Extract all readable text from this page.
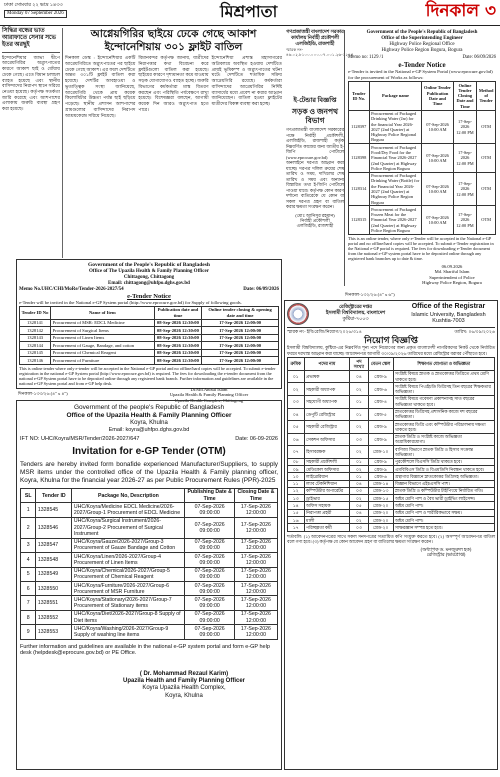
ঢাকা সোমবার ২২ ভাদ্র ১৪৩৩
Monday 07 September 2026	মিশ্রপাতা	দিনকাল ৩
সিদ্ধির বন্ধের ভাত আরাফাতে সেনার সভে ইতর অরছুই
ইন্দোনেশিয়ার জাভা দ্বীপে আগ্নেয়গিরির অগ্ন্যুৎপাতের কারণে আকাশ ছাই ও ধোঁয়ায় ঢেকে গেছে। এতে বিমান চলাচল ব্যাহত হয়েছে এবং স্থানীয় বাসিন্দাদের নিরাপদ স্থানে সরিয়ে নেওয়া হয়েছে। কর্তৃপক্ষ সতর্কতা জারি করেছে এবং আশপাশের এলাকায় জরুরি ব্যবস্থা গ্রহণ করা হয়েছে।
আগ্নেয়গিরির ছাইয়ে ঢেকে গেছে আকাশ ইন্দোনেশিয়ায় ৩০১ ফ্লাইট বাতিল
দিনকাল ডেস্ক : ইন্দোনেশিয়ার একটি আগ্নেয়গিরিতে অগ্ন্যুৎপাতের পর ছাইয়ে ঢেকে গেছে আকাশ। এর ফলে দেশটিতে অন্তত ৩০১টি ফ্লাইট বাতিল করা হয়েছে। দেশটির আবহাওয়া ও ভূতাত্ত্বিক সংস্থা জানিয়েছে, আগ্নেয়গিরি থেকে প্রায় কয়েক কিলোমিটার উচ্চতা পর্যন্ত ছাই ছড়িয়ে পড়েছে। স্থানীয় প্রশাসন আশপাশের গ্রামগুলোর বাসিন্দাদের নিরাপদ আশ্রয়কেন্দ্রে সরিয়ে নিয়েছে।
বিমানবন্দর কর্তৃপক্ষ জানায়, যাত্রীদের নিরাপত্তার কথা বিবেচনা করে ফ্লাইটগুলো বাতিল করা হয়েছে। ছাইয়ের কারণে দৃশ্যমানতা কমে যাওয়ায় সড়ক যোগাযোগও ব্যাহত হচ্ছে। জরুরি বিভাগের কর্মকর্তারা মাস্ক বিতরণ করছেন এবং পরিস্থিতি পর্যবেক্ষণে রাখা হয়েছে। বিশেষজ্ঞরা বলছেন, আগামী কয়েক দিন আরও অগ্ন্যুৎপাত হতে পারে।
ইন্দোনেশিয়া প্রশান্ত মহাসাগরের অগ্নিবলয়ে অবস্থিত হওয়ায় দেশটিতে প্রায়ই ভূমিকম্প ও অগ্ন্যুৎপাতের ঘটনা ঘটে। দেশটিতে শতাধিক সক্রিয় আগ্নেয়গিরি রয়েছে। কর্মকর্তারা বাসিন্দাদের আগ্নেয়গিরির নির্দিষ্ট ব্যাসার্ধের মধ্যে প্রবেশ না করার আহ্বান জানিয়েছেন। বাতিল হওয়া ফ্লাইটের যাত্রীদের বিকল্প ব্যবস্থা করা হচ্ছে।
Government of the People's Republic of Bangladesh
Office of The Upazila Health & Family Planning Officer
Chittagong, Chittagong
Email: chittagong@uhfpo.dghs.gov.bd
Memo No.UHC/CHI/MoRe/Tender-2026-2027/54	Date: 06/09/2026
e-Tender Notice
e-Tender will be invited in the National e-GP System portal (http://www.eprocure.gov.bd) for Supply of following goods.
Tender ID No	Name of Item	Publication date and time	Online tender closing & opening date and time
1328141	Procurement of MSR: EDCL Medicine	08-Sep-2026 12:30:00	17-Sep-2026 12:00:00
1328142	Procurement of Surgical Items	08-Sep-2026 12:30:00	17-Sep-2026 12:00:00
1328143	Procurement of Linen Items	08-Sep-2026 12:30:00	17-Sep-2026 12:00:00
1328144	Procurement of Gauge, Bandage, and cotton	08-Sep-2026 12:30:00	17-Sep-2026 12:00:00
1328145	Procurement of Chemical Reagent	08-Sep-2026 12:30:00	17-Sep-2026 12:00:00
1328146	Procurement of Furniture	08-Sep-2026 12:30:00	17-Sep-2026 12:00:00
This is online tender where only e-tender will be accepted in the National e-GP portal and no offline/hard copies will be accepted. To submit e-tender registration in the national e-GP System portal (http://www.eprocure.gov.bd) is required. The fees for downloading the e-tender document from the national e-GP System portal have to be deposited online through any registered bank branch. Further information and guidelines are available in the national e-GP System portal and from e-GP help desk.
Dr.Md.Anisul Islam
Upazila Health & Family Planning Officer
Upazila Health Complex, Chittagong
দিনকাল-১৩৩/২৬ (৪" x ৪")
Government of the people's Republic of Bangladesh
Office of the Upazila Health & Family Planning Officer
Koyra, Khulna
Email: koyra@uhfpo.dghs.gov.bd
IFT NO: UHC/Koyra/MSR/Tender/2026-2027/647	Date: 06-09-2026
Invitation for e-GP Tender (OTM)
Tenders are hereby invited form bonafide experienced Manufacturer/Suppliers, to supply MSR items under the controlled office of the Upazila Health & Family planning officer, Koyra, Khulna for the financial year 2026-27 as per Public Procurement Rules (PPR)-2025
SL	Tender ID	Package No, Description	Publishing Date & Time	Closing Date & Time
1	1328545	UHC/Koyra/Medicine EDCL Medicine/2026-2027/Group-1 Procurement of EDCL Medicine	07-Sep-2026 09:00:00	17-Sep-2026 12:00:00
2	1328546	UHC/Koyra/Surgical Instrument/2026-2027/Group-2 Procurement of Surgical Instrument	07-Sep-2026 09:00:00	17-Sep-2026 12:00:00
3	1328547	UHC/Koyra/Gauze/2026-2027/Group-3 Procurement of Gauze Bandage and Cotton	07-Sep-2026 09:00:00	17-Sep-2026 12:00:00
4	1328548	UHC/Koyra/Linen/2026-2027/Group-4 Procurement of Linen Items	07-Sep-2026 09:00:00	17-Sep-2026 12:00:00
5	1328549	UHC/Koyra/Chemical/2026-2027/Group-5 Procurement of Chemical Reagent	07-Sep-2026 09:00:00	17-Sep-2026 12:00:00
6	1328550	UHC/Koyra/Furniture/2026-2027/Group-6 Procurement of MSR Furniture	07-Sep-2026 09:00:00	17-Sep-2026 12:00:00
7	1328551	UHC/Koyra/Stationary/2026-2027/Group-7 Procurement of Stationary items	07-Sep-2026 09:00:00	17-Sep-2026 12:00:00
8	1328552	UHC/Koyra/Diet/2026-2027/Group-8 Supply of Diet items	07-Sep-2026 09:00:00	17-Sep-2026 12:00:00
9	1328553	UHC/Koyra/Washing/2026-2027/Group-9 Supply of washing line items	07-Sep-2026 09:00:00	17-Sep-2026 12:00:00
Further information and guidelines are available in the national e-GP system portal and form e-GP help desk (helpdesk@eprocure.gov.bd) or PE Office.
( Dr. Mohammad Rezaul Karim)
Upazila Health and Family Planning Officer
Koyra Upazila Health Complex,
Koyra, Khulna
গণপ্রজাতন্ত্রী বাংলাদেশ সরকার
কার্যালয় নির্বাহী প্রকৌশলী
এলজিইডি, রাজশাহী
স্মারক নং- ৪৬.০২.৮১০০.০০০.০৭.০০১.২৬-১২৪৫
ই-টেন্ডার বিজ্ঞপ্তি
সড়ক ও জনপথ বিভাগ
গণপ্রজাতন্ত্রী বাংলাদেশ সরকারের পক্ষে নির্বাহী প্রকৌশলী, এলজিইডি, রাজশাহী কর্তৃক নিম্নবর্ণিত কাজের জন্য জাতীয় ই-জিপি পোর্টালে (www.eprocure.gov.bd) অনলাইনে দরপত্র আহ্বান করা যাচ্ছে। দরপত্র দলিল ক্রয়ের শেষ তারিখ ও সময়, দাখিলের শেষ তারিখ ও সময় এবং অন্যান্য বিস্তারিত তথ্য ই-জিপি পোর্টালে পাওয়া যাবে। কর্তৃপক্ষ কোন কারণ দর্শানো ব্যতিরেকে যে কোন বা সকল দরপত্র গ্রহণ বা বাতিল করার ক্ষমতা সংরক্ষণ করেন।
(মোঃ আনিসুর রহমান)
নির্বাহী প্রকৌশলী
এলজিইডি, রাজশাহী
Government of the People's Republic of Bangladesh
Office of the Superintending Engineer
Highway Police Regional Office
Highway Police Region Bogura, Bogura
Memo no: 1129 /1	Date: 06/09/2026
e-Tender Notice
e-Tender is invited in the National e-GP System Portal (www.eprocure.gov.bd) for the procurement of Works as follows:
Tender ID No.	Package name	Online Tender Publication Date and Time	Online Tender Closing Date and Time	Method of Tender
1128397	Procurement of Packaged Drinking Water (Jar) for the financial Year 2026-2027 (2nd Quarter) at Highway Police Regional Bogura	07-Sep-2026 10:00 AM	17-Sep-2026 12:00 PM	OTM
1128398	Procurement of Packaged Food/Dry Food for the Financial Year 2026-2027 (2nd Quarter) at Highway Police Region Bogura	07-Sep-2026 10:00 AM	17-Sep-2026 12:00 PM	OTM
1128314	Procurement of Packaged Drinking Water (Bottle) for the Financial Year 2026-2027 (2nd Quarter) at Highway Police Region Bogura	07-Sep-2026 10:00 AM	17-Sep-2026 12:00 PM	OTM
1128315	Procurement of Packaged Frozen Meat for the Financial Year 2026-2027 (2nd Quarter) at Highway Police Region Bogura	07-Sep-2026 10:00 AM	17-Sep-2026 12:00 PM	OTM
This is an online tender, where only e-Tender will be accepted in the National e-GP portal and no offline/hard copies will be accepted. To submit e-Tender registration in the National e-GP portal is required. The fees for downloading e-Tender document from the national e-GP system portal have to be deposited online through any registered bank branches up to date & time.
06.09.2026
Md. Shariful Islam
Superintendent of Police
Highway Police Region, Bogura
দিনকাল-১৩২/২৬ (৪" x ৬")
রেজিস্ট্রারের দপ্তর
ইসলামী বিশ্ববিদ্যালয়, বাংলাদেশ
কুষ্টিয়া-৭০০৩
Office of the Registrar
Islamic University, Bangladesh
Kushtia-7003
স্মারক নং- ইবি/রেজি/নিয়োগ/২০২৬/৩১৪	তারিখ: ০৬/০৯/২০২৬
নিয়োগ বিজ্ঞপ্তি
ইসলামী বিশ্ববিদ্যালয়, কুষ্টিয়া-এর নিম্নবর্ণিত শূন্য পদে নিয়োগের জন্য প্রকৃত বাংলাদেশী নাগরিকদের নিকট থেকে নির্ধারিত ফরমে দরখাস্ত আহ্বান করা যাচ্ছে। আবেদনপত্র আগামী ৩০/০৯/২০২৬ তারিখের মধ্যে রেজিস্ট্রার বরাবর পৌঁছাতে হবে।
ক্রমিক	পদের নাম	পদ সংখ্যা	বেতন স্কেল	শিক্ষাগত যোগ্যতা ও অভিজ্ঞতা
০১	প্রভাষক	০৪	গ্রেড-৯	সংশ্লিষ্ট বিষয়ে স্নাতক ও স্নাতকোত্তর ডিগ্রিতে প্রথম শ্রেণি থাকতে হবে।
০২	সহকারী অধ্যাপক	০২	গ্রেড-৬	সংশ্লিষ্ট বিষয়ে পিএইচডি ডিগ্রিসহ তিন বছরের শিক্ষকতার অভিজ্ঞতা।
০৩	সহযোগী অধ্যাপক	০১	গ্রেড-৪	সংশ্লিষ্ট বিষয়ে গবেষণা প্রকাশনাসহ সাত বছরের অভিজ্ঞতা থাকতে হবে।
০৪	ডেপুটি রেজিস্ট্রার	০১	গ্রেড-৫	স্নাতকোত্তর ডিগ্রিসহ প্রশাসনিক কাজে দশ বছরের অভিজ্ঞতা।
০৫	সহকারী রেজিস্ট্রার	০২	গ্রেড-৯	স্নাতকোত্তর ডিগ্রি এবং কম্পিউটার পরিচালনায় দক্ষতা থাকতে হবে।
০৬	সেকশন অফিসার	০৩	গ্রেড-৯	স্নাতক ডিগ্রি ও সংশ্লিষ্ট কাজে অভিজ্ঞতা অগ্রাধিকারযোগ্য।
০৭	হিসাবরক্ষক	০২	গ্রেড-১০	বাণিজ্য বিভাগে স্নাতক ডিগ্রি ও হিসাব সংক্রান্ত অভিজ্ঞতা।
০৮	সহকারী প্রকৌশলী	০১	গ্রেড-৯	পুরকৌশলে বিএসসি ডিগ্রি থাকতে হবে।
০৯	মেডিকেল অফিসার	০২	গ্রেড-৯	এমবিবিএস ডিগ্রি ও বিএমডিসি নিবন্ধন থাকতে হবে।
১০	লাইব্রেরিয়ান	০১	গ্রেড-৬	গ্রন্থাগার বিজ্ঞানে স্নাতকোত্তর ডিগ্রিসহ অভিজ্ঞতা।
১১	ল্যাব টেকনিশিয়ান	০৪	গ্রেড-১৪	বিজ্ঞান বিভাগে এইচএসসি পাশ।
১২	কম্পিউটার অপারেটর	০৩	গ্রেড-১৩	স্নাতক ডিগ্রি ও কম্পিউটার টাইপিংয়ে নির্ধারিত গতি।
১৩	ড্রাইভার	০২	গ্রেড-১৫	অষ্টম শ্রেণি পাশ ও বৈধ ভারী ড্রাইভিং লাইসেন্স।
১৪	অফিস সহায়ক	০৫	গ্রেড-২০	অষ্টম শ্রেণি পাশ।
১৫	নিরাপত্তা প্রহরী	০৪	গ্রেড-২০	অষ্টম শ্রেণি পাশ ও শারীরিকভাবে সক্ষম।
১৬	মালী	০২	গ্রেড-২০	অষ্টম শ্রেণি পাশ।
১৭	পরিচ্ছন্নতা কর্মী	০৩	গ্রেড-২০	সাক্ষরজ্ঞান সম্পন্ন হতে হবে।
শর্তাবলি: (১) আবেদনপত্রের সাথে সকল সনদপত্রের সত্যায়িত কপি সংযুক্ত করতে হবে। (২) অসম্পূর্ণ আবেদনপত্র বাতিল বলে গণ্য হবে। (৩) কর্তৃপক্ষ যে কোন আবেদন গ্রহণ বা বাতিলের ক্ষমতা সংরক্ষণ করেন।
(অধ্যাপক ড. মনজুরুল হক)
রেজিস্ট্রার (ভারপ্রাপ্ত)
